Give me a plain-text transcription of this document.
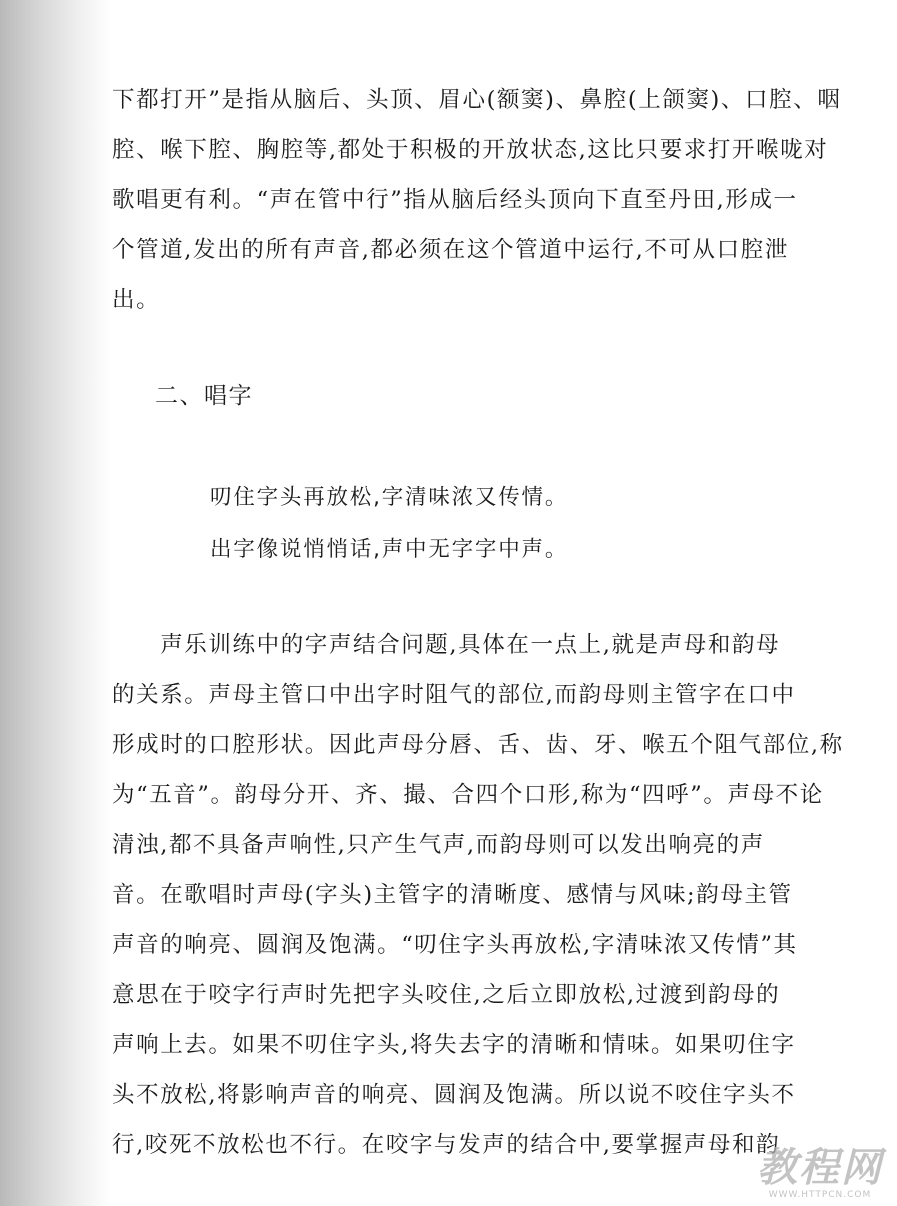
下都打开”是指从脑后、头顶、眉心(额窦)、鼻腔(上颌窦)、口腔、咽
腔、喉下腔、胸腔等,都处于积极的开放状态,这比只要求打开喉咙对
歌唱更有利。“声在管中行”指从脑后经头顶向下直至丹田,形成一
个管道,发出的所有声音,都必须在这个管道中运行,不可从口腔泄
出。
二、唱字
叨住字头再放松,字清味浓又传情。
出字像说悄悄话,声中无字字中声。
　　声乐训练中的字声结合问题,具体在一点上,就是声母和韵母
的关系。声母主管口中出字时阻气的部位,而韵母则主管字在口中
形成时的口腔形状。因此声母分唇、舌、齿、牙、喉五个阻气部位,称
为“五音”。韵母分开、齐、撮、合四个口形,称为“四呼”。声母不论
清浊,都不具备声响性,只产生气声,而韵母则可以发出响亮的声
音。在歌唱时声母(字头)主管字的清晰度、感情与风味;韵母主管
声音的响亮、圆润及饱满。“叨住字头再放松,字清味浓又传情”其
意思在于咬字行声时先把字头咬住,之后立即放松,过渡到韵母的
声响上去。如果不叨住字头,将失去字的清晰和情味。如果叨住字
头不放松,将影响声音的响亮、圆润及饱满。所以说不咬住字头不
行,咬死不放松也不行。在咬字与发声的结合中,要掌握声母和韵
教程网
WWW.HTTPCN.COM
